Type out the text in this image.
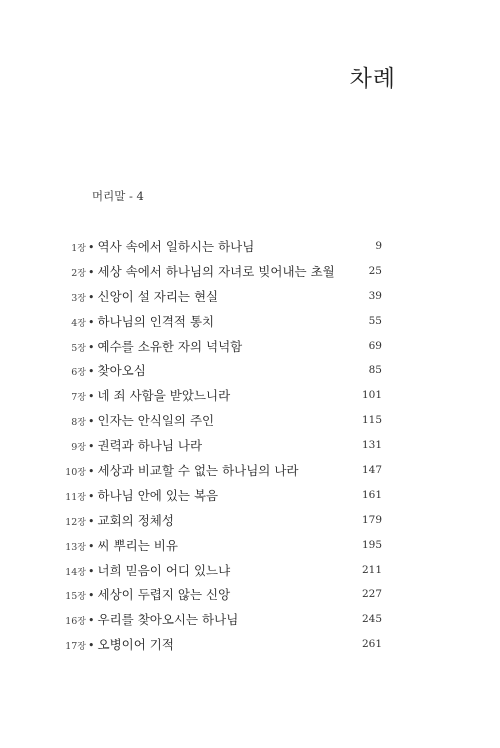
차례
머리말 - 4
1장 • 역사 속에서 일하시는 하나님	9
2장 • 세상 속에서 하나님의 자녀로 빚어내는 초월	25
3장 • 신앙이 설 자리는 현실	39
4장 • 하나님의 인격적 통치	55
5장 • 예수를 소유한 자의 넉넉함	69
6장 • 찾아오심	85
7장 • 네 죄 사함을 받았느니라	101
8장 • 인자는 안식일의 주인	115
9장 • 권력과 하나님 나라	131
10장 • 세상과 비교할 수 없는 하나님의 나라	147
11장 • 하나님 안에 있는 복음	161
12장 • 교회의 정체성	179
13장 • 씨 뿌리는 비유	195
14장 • 너희 믿음이 어디 있느냐	211
15장 • 세상이 두렵지 않는 신앙	227
16장 • 우리를 찾아오시는 하나님	245
17장 • 오병이어 기적	261
